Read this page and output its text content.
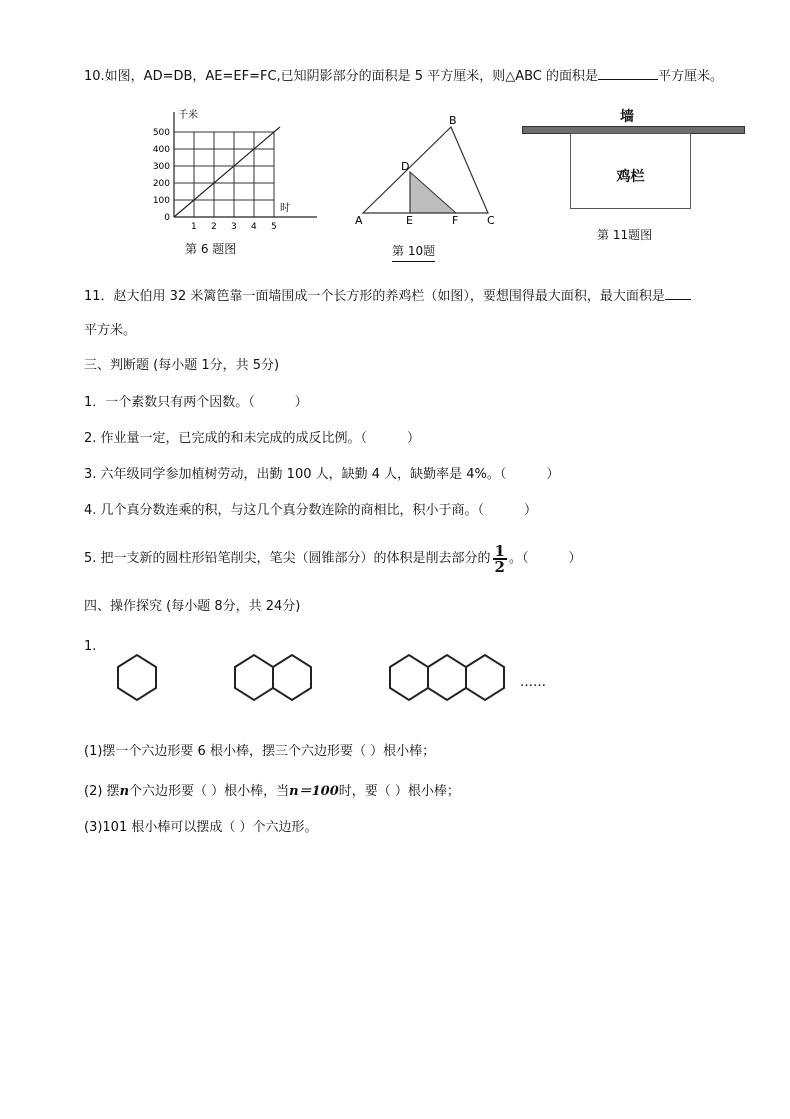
10.如图，AD=DB，AE=EF=FC,已知阴影部分的面积是 5 平方厘米，则△ABC 的面积是	平方厘米。
千米
时
1 2 3 4 5
0
100
200
300
400
500
第 6 题图
A
B
C
D
E	F
第 10题
墙
鸡栏
第 11题图
11．赵大伯用 32 米篱笆靠一面墙围成一个长方形的养鸡栏（如图），要想围得最大面积，最大面积是
平方米。
三、判断题 (每小题 1分，共 5分)
1．一个素数只有两个因数。（	）
2. 作业量一定，已完成的和未完成的成反比例。（	）
3. 六年级同学参加植树劳动，出勤 100 人，缺勤 4 人，缺勤率是 4%。（	）
4. 几个真分数连乘的积，与这几个真分数连除的商相比，积小于商。（	）
5. 把一支新的圆柱形铅笔削尖，笔尖（圆锥部分）的体积是削去部分的 $\frac{1}{2}$ 。（	）
四、操作探究 (每小题 8分，共 24分)
1.
……
(1)摆一个六边形要 6 根小棒，摆三个六边形要（ ）根小棒；
(2) 摆n个六边形要（ ）根小棒，当n＝100时，要（ ）根小棒；
(3)101 根小棒可以摆成（ ）个六边形。
